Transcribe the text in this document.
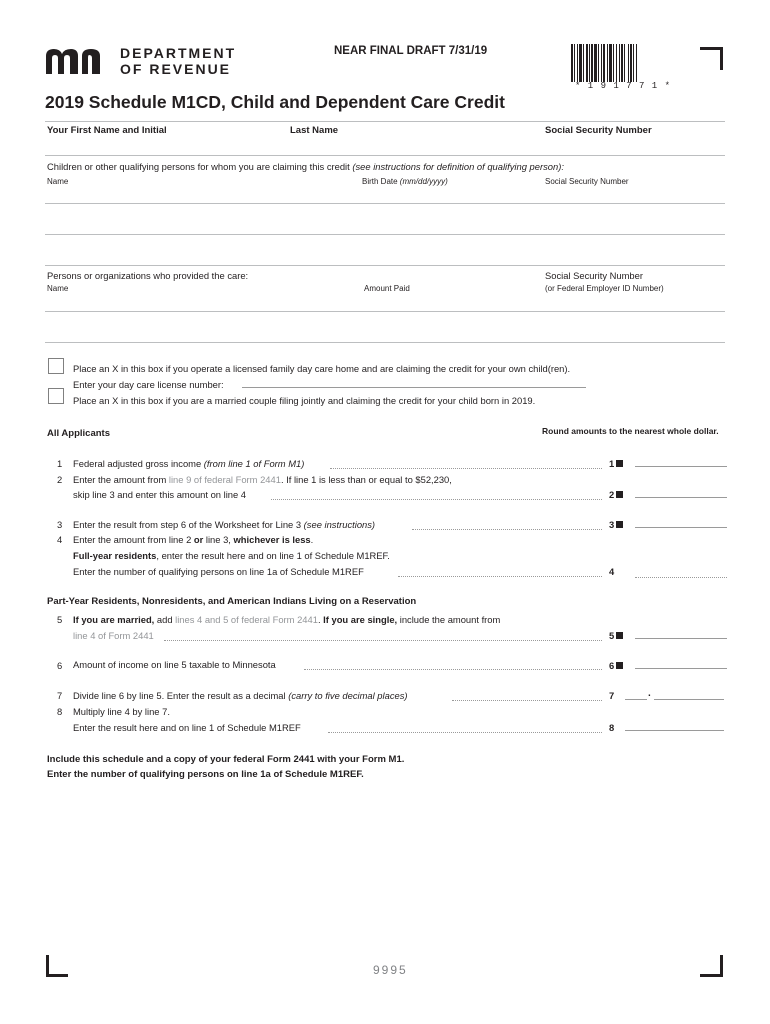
DEPARTMENT
OF REVENUE
NEAR FINAL DRAFT 7/31/19
* 1 9 1 7 7 1 *
2019 Schedule M1CD, Child and Dependent Care Credit
Your First Name and Initial	Last Name	Social Security Number
Children or other qualifying persons for whom you are claiming this credit (see instructions for definition of qualifying person):
Name	Birth Date (mm/dd/yyyy)	Social Security Number
Persons or organizations who provided the care:	Social Security Number
Name	Amount Paid	(or Federal Employer ID Number)
Place an X in this box if you operate a licensed family day care home and are claiming the credit for your own child(ren).
Enter your day care license number:
Place an X in this box if you are a married couple filing jointly and claiming the credit for your child born in 2019.
All Applicants	Round amounts to the nearest whole dollar.
1 Federal adjusted gross income (from line 1 of Form M1)	1
2 Enter the amount from line 9 of federal Form 2441. If line 1 is less than or equal to $52,230,
skip line 3 and enter this amount on line 4	2
3 Enter the result from step 6 of the Worksheet for Line 3 (see instructions)	3
4 Enter the amount from line 2 or line 3, whichever is less.
Full-year residents, enter the result here and on line 1 of Schedule M1REF.
Enter the number of qualifying persons on line 1a of Schedule M1REF	4
Part-Year Residents, Nonresidents, and American Indians Living on a Reservation
5 If you are married, add lines 4 and 5 of federal Form 2441. If you are single, include the amount from
line 4 of Form 2441	5
6 Amount of income on line 5 taxable to Minnesota	6
7 Divide line 6 by line 5. Enter the result as a decimal (carry to five decimal places)	7	.
8 Multiply line 4 by line 7.
Enter the result here and on line 1 of Schedule M1REF	8
Include this schedule and a copy of your federal Form 2441 with your Form M1.
Enter the number of qualifying persons on line 1a of Schedule M1REF.
9995
